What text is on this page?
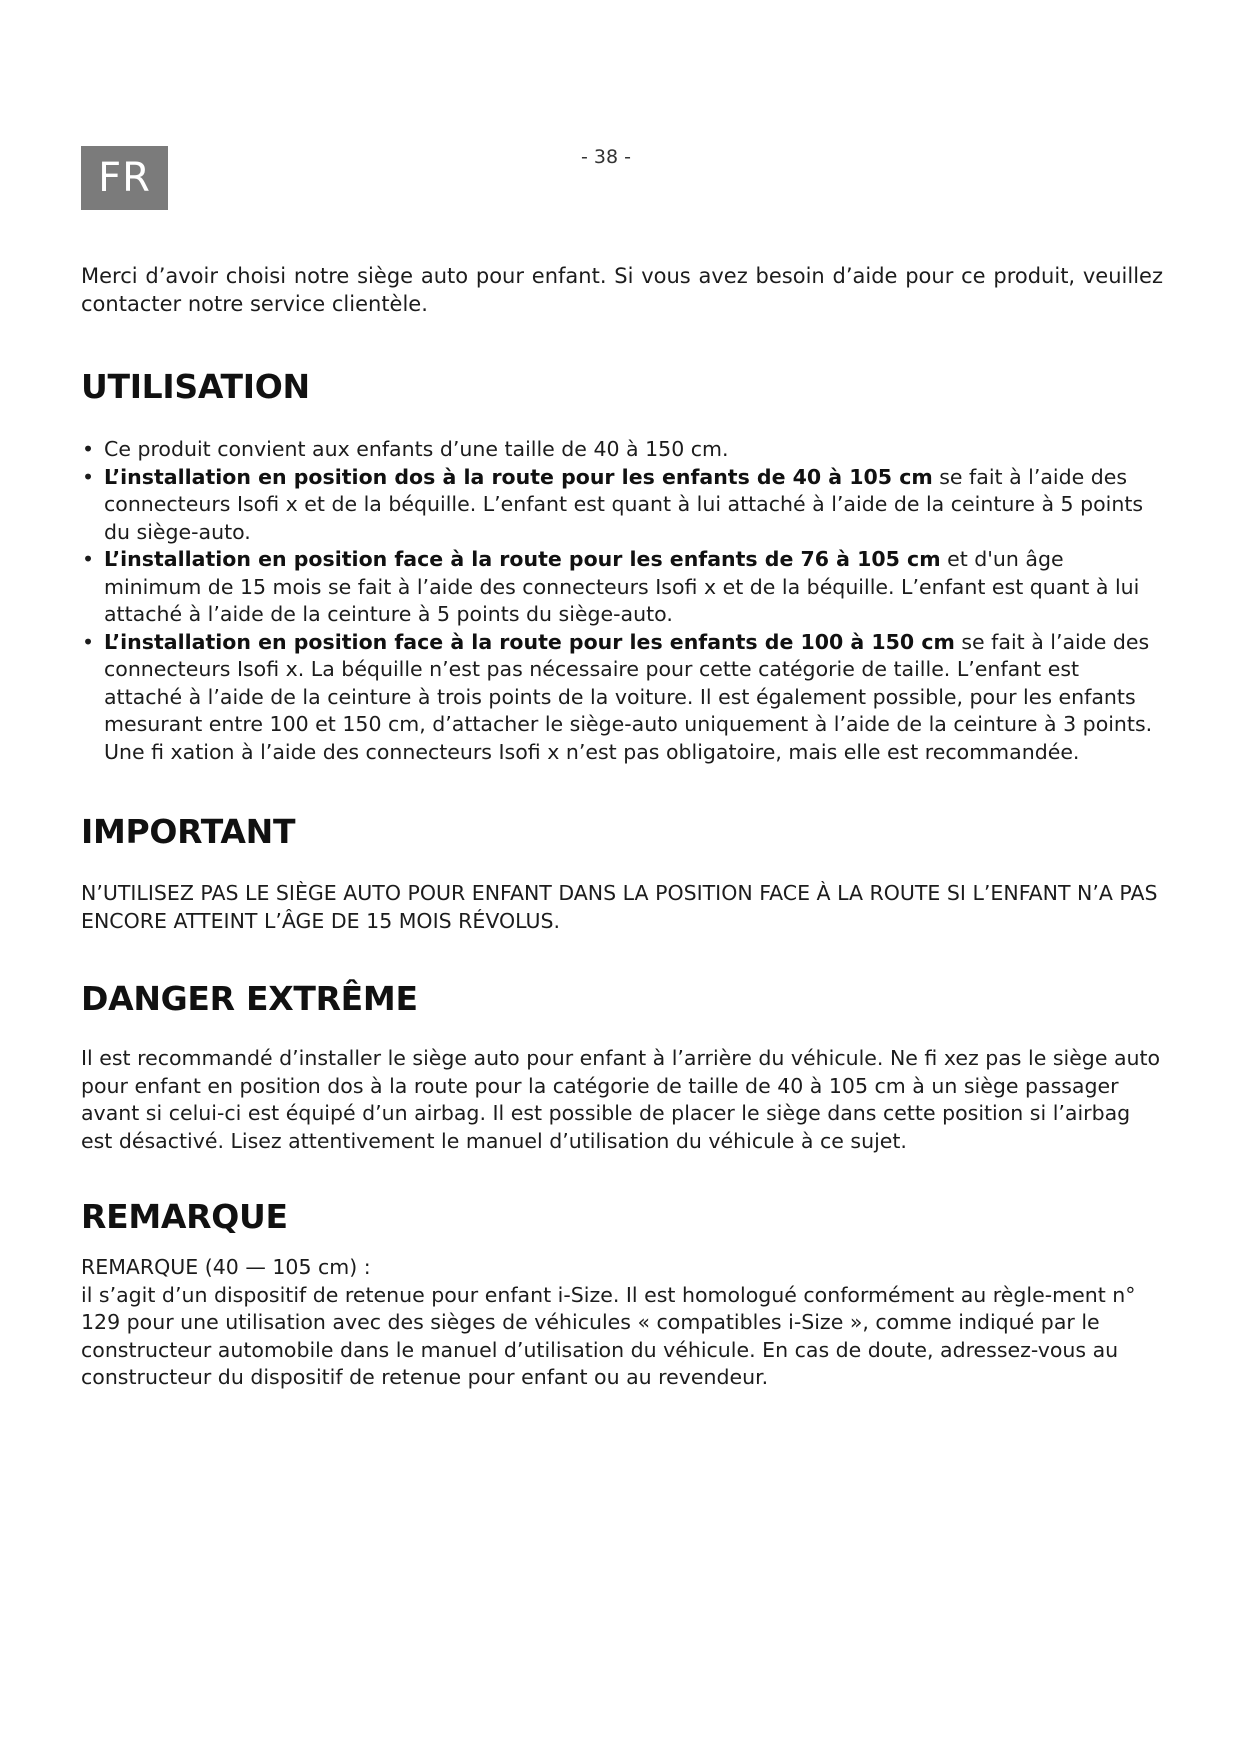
FR	- 38 -

Merci d’avoir choisi notre siège auto pour enfant. Si vous avez besoin d’aide pour ce produit, veuillez contacter notre service clientèle.

UTILISATION
• Ce produit convient aux enfants d’une taille de 40 à 150 cm.
• L’installation en position dos à la route pour les enfants de 40 à 105 cm se fait à l’aide des connecteurs Isofi x et de la béquille. L’enfant est quant à lui attaché à l’aide de la ceinture à 5 points du siège-auto.
• L’installation en position face à la route pour les enfants de 76 à 105 cm et d'un âge minimum de 15 mois se fait à l’aide des connecteurs Isofi x et de la béquille. L’enfant est quant à lui attaché à l’aide de la ceinture à 5 points du siège-auto.
• L’installation en position face à la route pour les enfants de 100 à 150 cm se fait à l’aide des connecteurs Isofi x. La béquille n’est pas nécessaire pour cette catégorie de taille. L’enfant est attaché à l’aide de la ceinture à trois points de la voiture. Il est également possible, pour les enfants mesurant entre 100 et 150 cm, d’attacher le siège-auto uniquement à l’aide de la ceinture à 3 points. Une fi xation à l’aide des connecteurs Isofi x n’est pas obligatoire, mais elle est recommandée.
IMPORTANT

N’UTILISEZ PAS LE SIÈGE AUTO POUR ENFANT DANS LA POSITION FACE À LA ROUTE SI L’ENFANT N’A PAS ENCORE ATTEINT L’ÂGE DE 15 MOIS RÉVOLUS.

DANGER EXTRÊME

Il est recommandé d’installer le siège auto pour enfant à l’arrière du véhicule. Ne fi xez pas le siège auto pour enfant en position dos à la route pour la catégorie de taille de 40 à 105 cm à un siège passager avant si celui-ci est équipé d’un airbag. Il est possible de placer le siège dans cette position si l’airbag est désactivé. Lisez attentivement le manuel d’utilisation du véhicule à ce sujet.

REMARQUE

REMARQUE (40 — 105 cm) :

il s’agit d’un dispositif de retenue pour enfant i-Size. Il est homologué conformément au règle-ment n° 129 pour une utilisation avec des sièges de véhicules « compatibles i-Size », comme indiqué par le constructeur automobile dans le manuel d’utilisation du véhicule. En cas de doute, adressez-vous au constructeur du dispositif de retenue pour enfant ou au revendeur.
